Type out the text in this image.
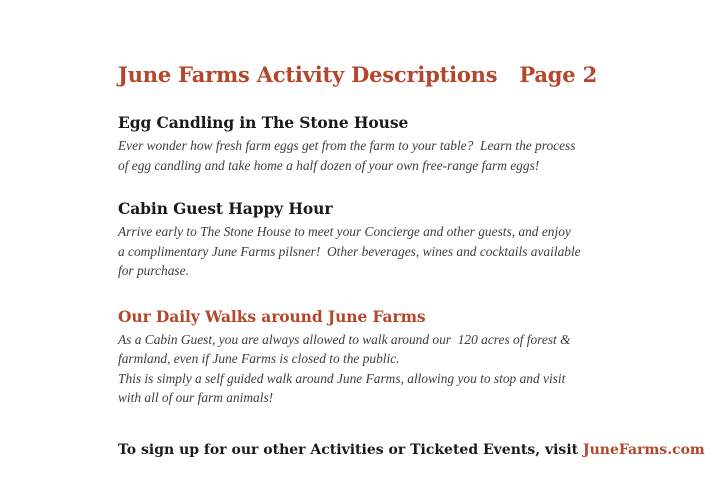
June Farms Activity Descriptions Page 2
Egg Candling in The Stone House

Ever wonder how fresh farm eggs get from the farm to your table?  Learn the process
of egg candling and take home a half dozen of your own free-range farm eggs!

Cabin Guest Happy Hour

Arrive early to The Stone House to meet your Concierge and other guests, and enjoy
a complimentary June Farms pilsner!  Other beverages, wines and cocktails available
for purchase.

Our Daily Walks around June Farms

As a Cabin Guest, you are always allowed to walk around our  120 acres of forest &
farmland, even if June Farms is closed to the public.
This is simply a self guided walk around June Farms, allowing you to stop and visit
with all of our farm animals!

To sign up for our other Activities or Ticketed Events, visit JuneFarms.com
